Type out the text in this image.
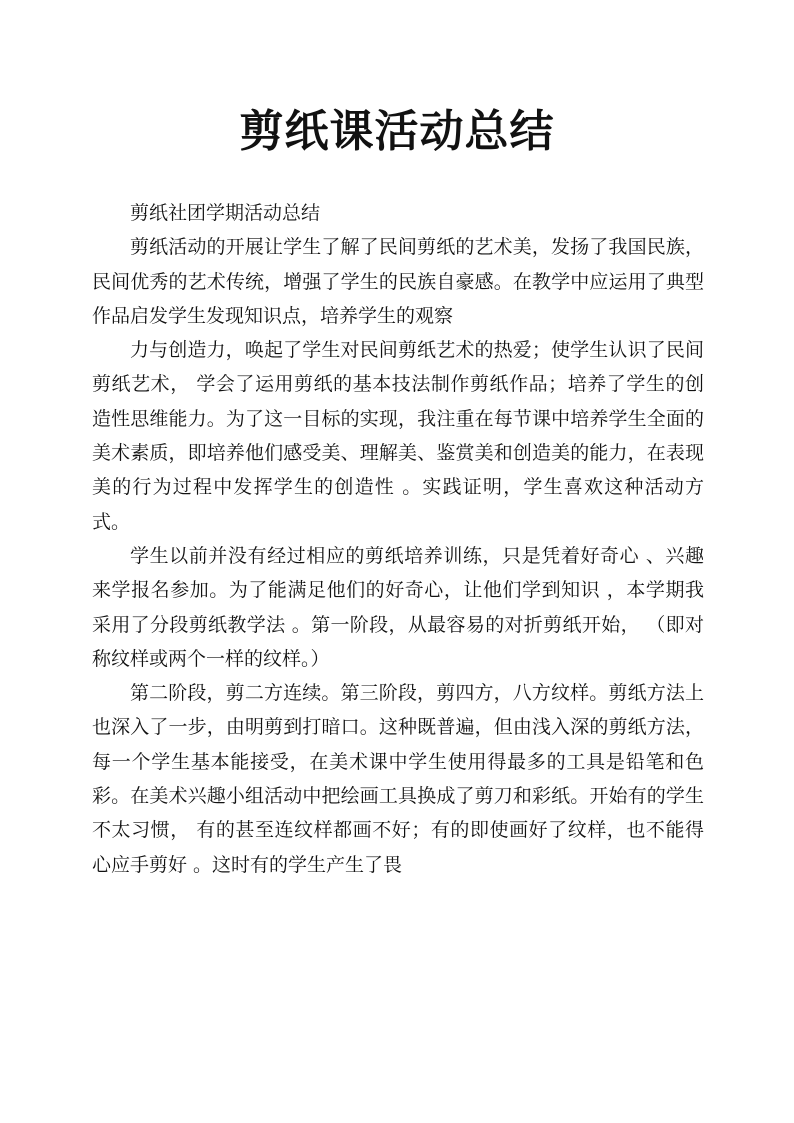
剪纸课活动总结

剪纸社团学期活动总结

剪纸活动的开展让学生了解了民间剪纸的艺术美，发扬了我国民族，民间优秀的艺术传统，增强了学生的民族自豪感。在教学中应运用了典型作品启发学生发现知识点，培养学生的观察

力与创造力，唤起了学生对民间剪纸艺术的热爱；使学生认识了民间剪纸艺术， 学会了运用剪纸的基本技法制作剪纸作品；培养了学生的创造性思维能力。为了这一目标的实现，我注重在每节课中培养学生全面的美术素质，即培养他们感受美、理解美、鉴赏美和创造美的能力，在表现美的行为过程中发挥学生的创造性 。实践证明，学生喜欢这种活动方式。

学生以前并没有经过相应的剪纸培养训练，只是凭着好奇心 、兴趣来学报名参加。为了能满足他们的好奇心，让他们学到知识 ，本学期我采用了分段剪纸教学法 。第一阶段，从最容易的对折剪纸开始， （即对称纹样或两个一样的纹样。）

第二阶段，剪二方连续。第三阶段，剪四方，八方纹样。剪纸方法上也深入了一步，由明剪到打暗口。这种既普遍，但由浅入深的剪纸方法，每一个学生基本能接受，在美术课中学生使用得最多的工具是铅笔和色彩。在美术兴趣小组活动中把绘画工具换成了剪刀和彩纸。开始有的学生不太习惯， 有的甚至连纹样都画不好；有的即使画好了纹样，也不能得心应手剪好 。这时有的学生产生了畏
